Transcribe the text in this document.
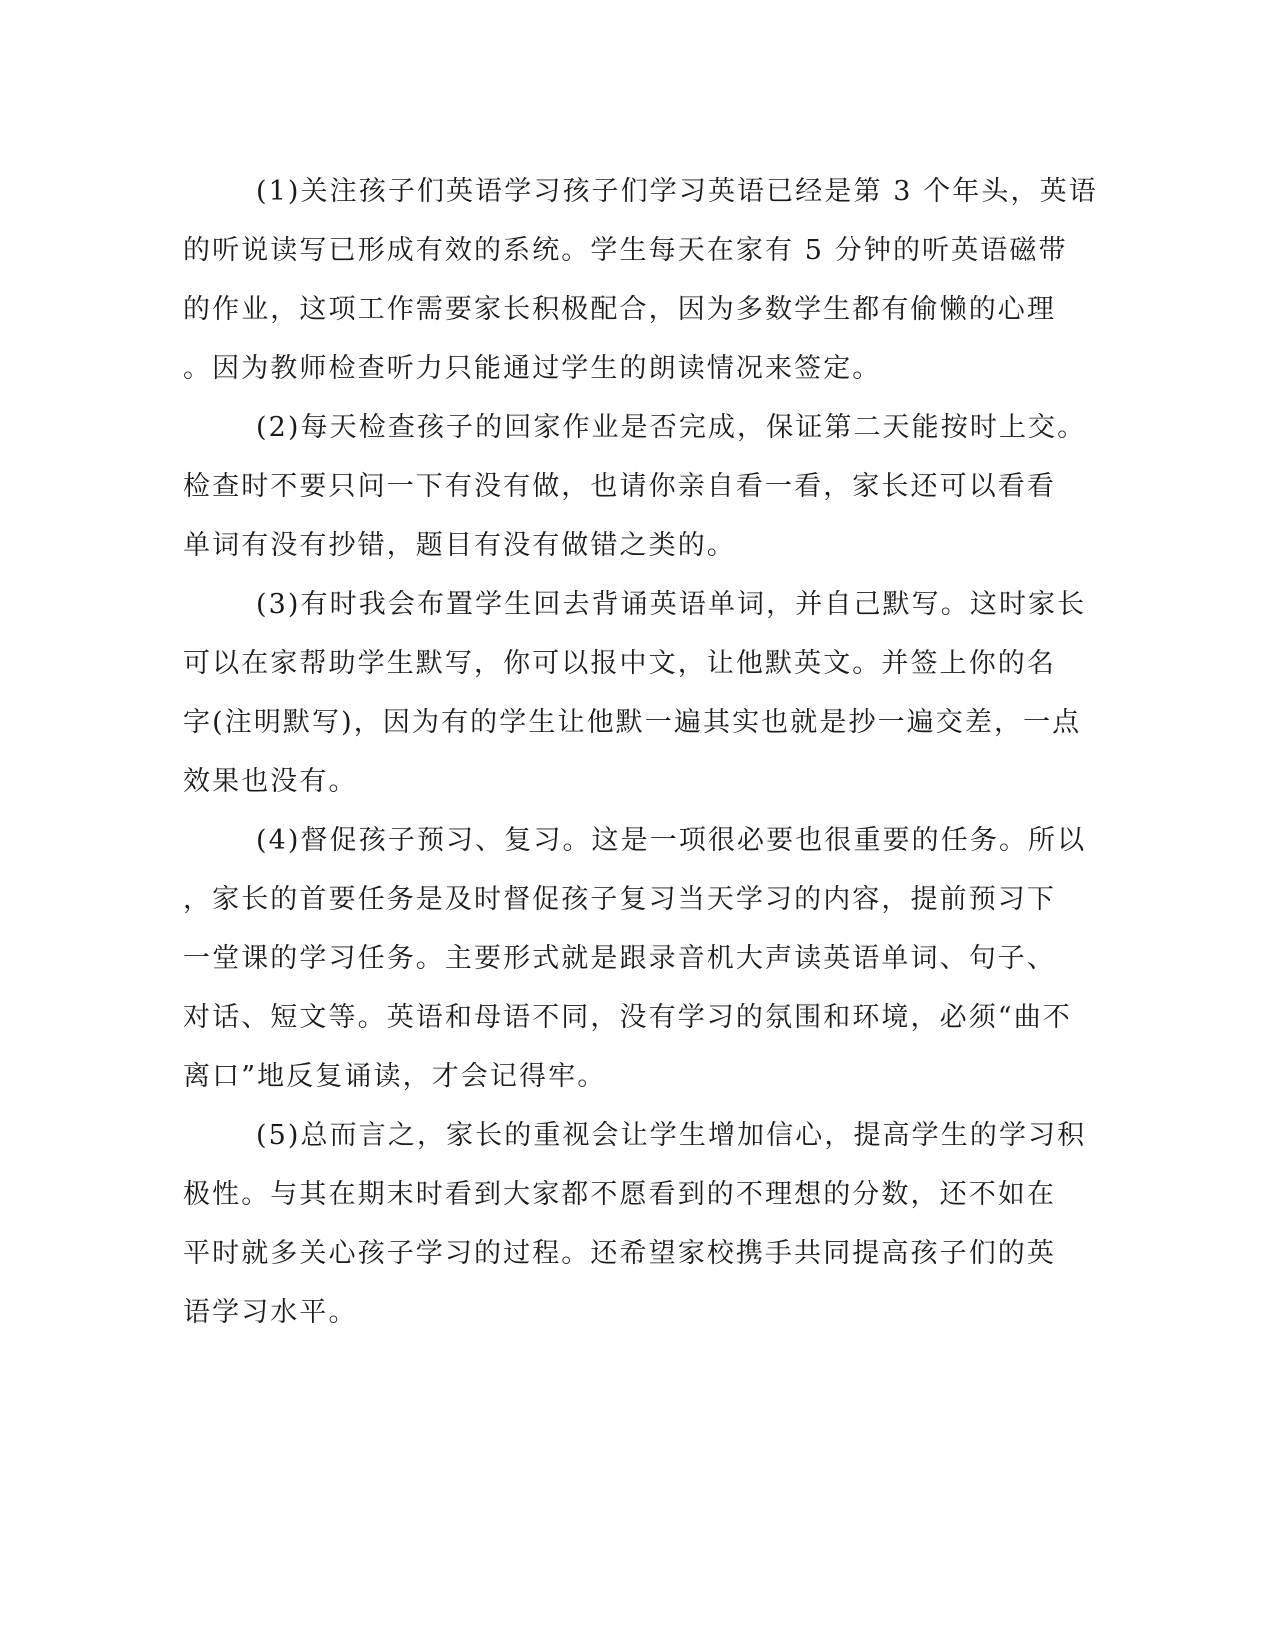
(1)关注孩子们英语学习孩子们学习英语已经是第 3 个年头，英语
的听说读写已形成有效的系统。学生每天在家有 5 分钟的听英语磁带
的作业，这项工作需要家长积极配合，因为多数学生都有偷懒的心理
。因为教师检查听力只能通过学生的朗读情况来签定。
(2)每天检查孩子的回家作业是否完成，保证第二天能按时上交。
检查时不要只问一下有没有做，也请你亲自看一看，家长还可以看看
单词有没有抄错，题目有没有做错之类的。
(3)有时我会布置学生回去背诵英语单词，并自己默写。这时家长
可以在家帮助学生默写，你可以报中文，让他默英文。并签上你的名
字(注明默写)，因为有的学生让他默一遍其实也就是抄一遍交差，一点
效果也没有。
(4)督促孩子预习、复习。这是一项很必要也很重要的任务。所以
，家长的首要任务是及时督促孩子复习当天学习的内容，提前预习下
一堂课的学习任务。主要形式就是跟录音机大声读英语单词、句子、
对话、短文等。英语和母语不同，没有学习的氛围和环境，必须“曲不
离口”地反复诵读，才会记得牢。
(5)总而言之，家长的重视会让学生增加信心，提高学生的学习积
极性。与其在期末时看到大家都不愿看到的不理想的分数，还不如在
平时就多关心孩子学习的过程。还希望家校携手共同提高孩子们的英
语学习水平。
